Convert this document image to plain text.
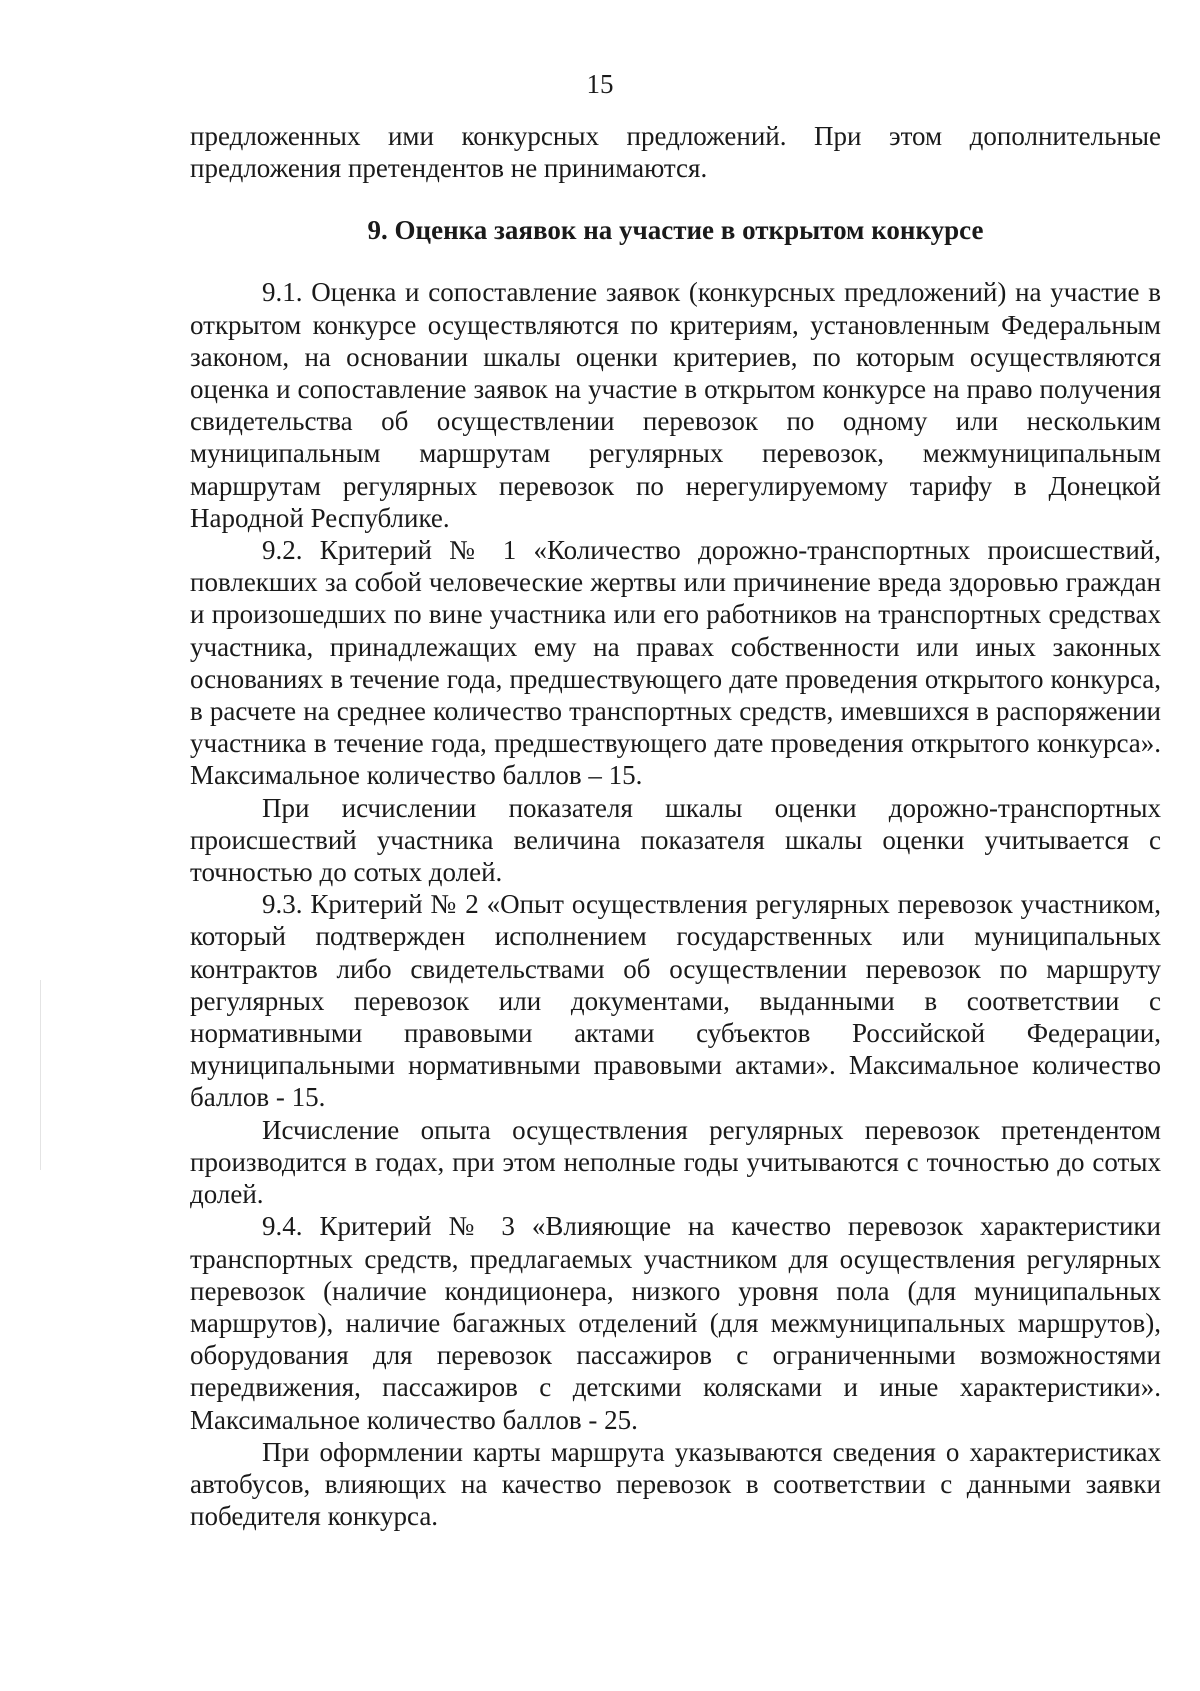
15

предложенных ими конкурсных предложений. При этом дополнительные предложения претендентов не принимаются.

9. Оценка заявок на участие в открытом конкурсе

9.1. Оценка и сопоставление заявок (конкурсных предложений) на участие в открытом конкурсе осуществляются по критериям, установленным Федеральным законом, на основании шкалы оценки критериев, по которым осуществляются оценка и сопоставление заявок на участие в открытом конкурсе на право получения свидетельства об осуществлении перевозок по одному или нескольким муниципальным маршрутам регулярных перевозок, межмуниципальным маршрутам регулярных перевозок по нерегулируемому тарифу в Донецкой Народной Республике.

9.2. Критерий № 1 «Количество дорожно-транспортных происшествий, повлекших за собой человеческие жертвы или причинение вреда здоровью граждан и произошедших по вине участника или его работников на транспортных средствах участника, принадлежащих ему на правах собственности или иных законных основаниях в течение года, предшествующего дате проведения открытого конкурса, в расчете на среднее количество транспортных средств, имевшихся в распоряжении участника в течение года, предшествующего дате проведения открытого конкурса». Максимальное количество баллов – 15.

При исчислении показателя шкалы оценки дорожно-транспортных происшествий участника величина показателя шкалы оценки учитывается с точностью до сотых долей.

9.3. Критерий № 2 «Опыт осуществления регулярных перевозок участником, который подтвержден исполнением государственных или муниципальных контрактов либо свидетельствами об осуществлении перевозок по маршруту регулярных перевозок или документами, выданными в соответствии с нормативными правовыми актами субъектов Российской Федерации, муниципальными нормативными правовыми актами». Максимальное количество баллов - 15.

Исчисление опыта осуществления регулярных перевозок претендентом производится в годах, при этом неполные годы учитываются с точностью до сотых долей.

9.4. Критерий № 3 «Влияющие на качество перевозок характеристики транспортных средств, предлагаемых участником для осуществления регулярных перевозок (наличие кондиционера, низкого уровня пола (для муниципальных маршрутов), наличие багажных отделений (для межмуниципальных маршрутов), оборудования для перевозок пассажиров с ограниченными возможностями передвижения, пассажиров с детскими колясками и иные характеристики». Максимальное количество баллов - 25.

При оформлении карты маршрута указываются сведения о характеристиках автобусов, влияющих на качество перевозок в соответствии с данными заявки победителя конкурса.
